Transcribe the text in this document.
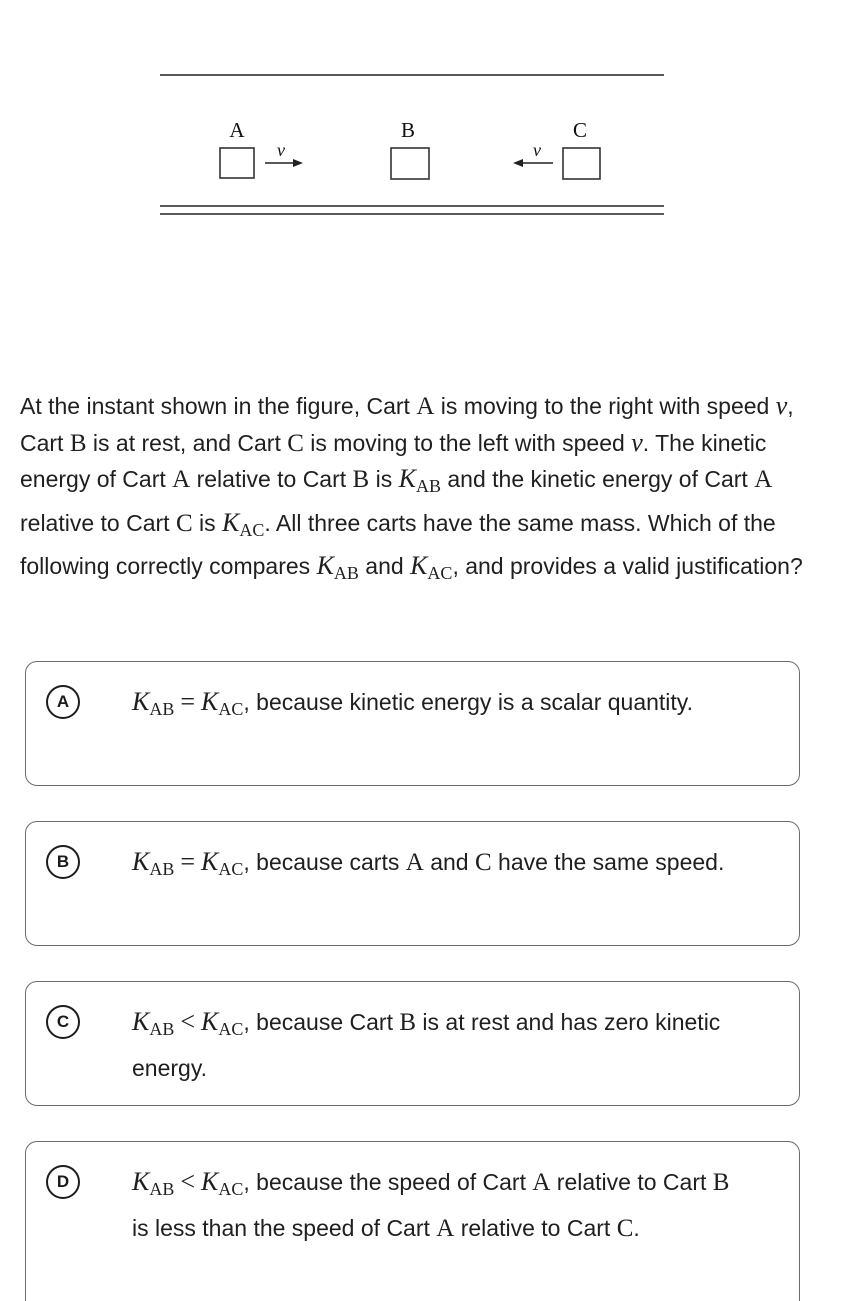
A
v
B	C
v
At the instant shown in the figure, Cart A is moving to the right with speed v, Cart B is at rest, and Cart C is moving to the left with speed v. The kinetic energy of Cart A relative to Cart B is $K_{AB}$ and the kinetic energy of Cart A relative to Cart C is $K_{AC}$. All three carts have the same mass. Which of the following correctly compares $K_{AB}$ and $K_{AC}$, and provides a valid justification?
A	$K_{AB} = K_{AC}$, because kinetic energy is a scalar quantity.
B	$K_{AB} = K_{AC}$, because carts A and C have the same speed.
C	$K_{AB} < K_{AC}$, because Cart B is at rest and has zero kinetic energy.
D	$K_{AB} < K_{AC}$, because the speed of Cart A relative to Cart B is less than the speed of Cart A relative to Cart C.
